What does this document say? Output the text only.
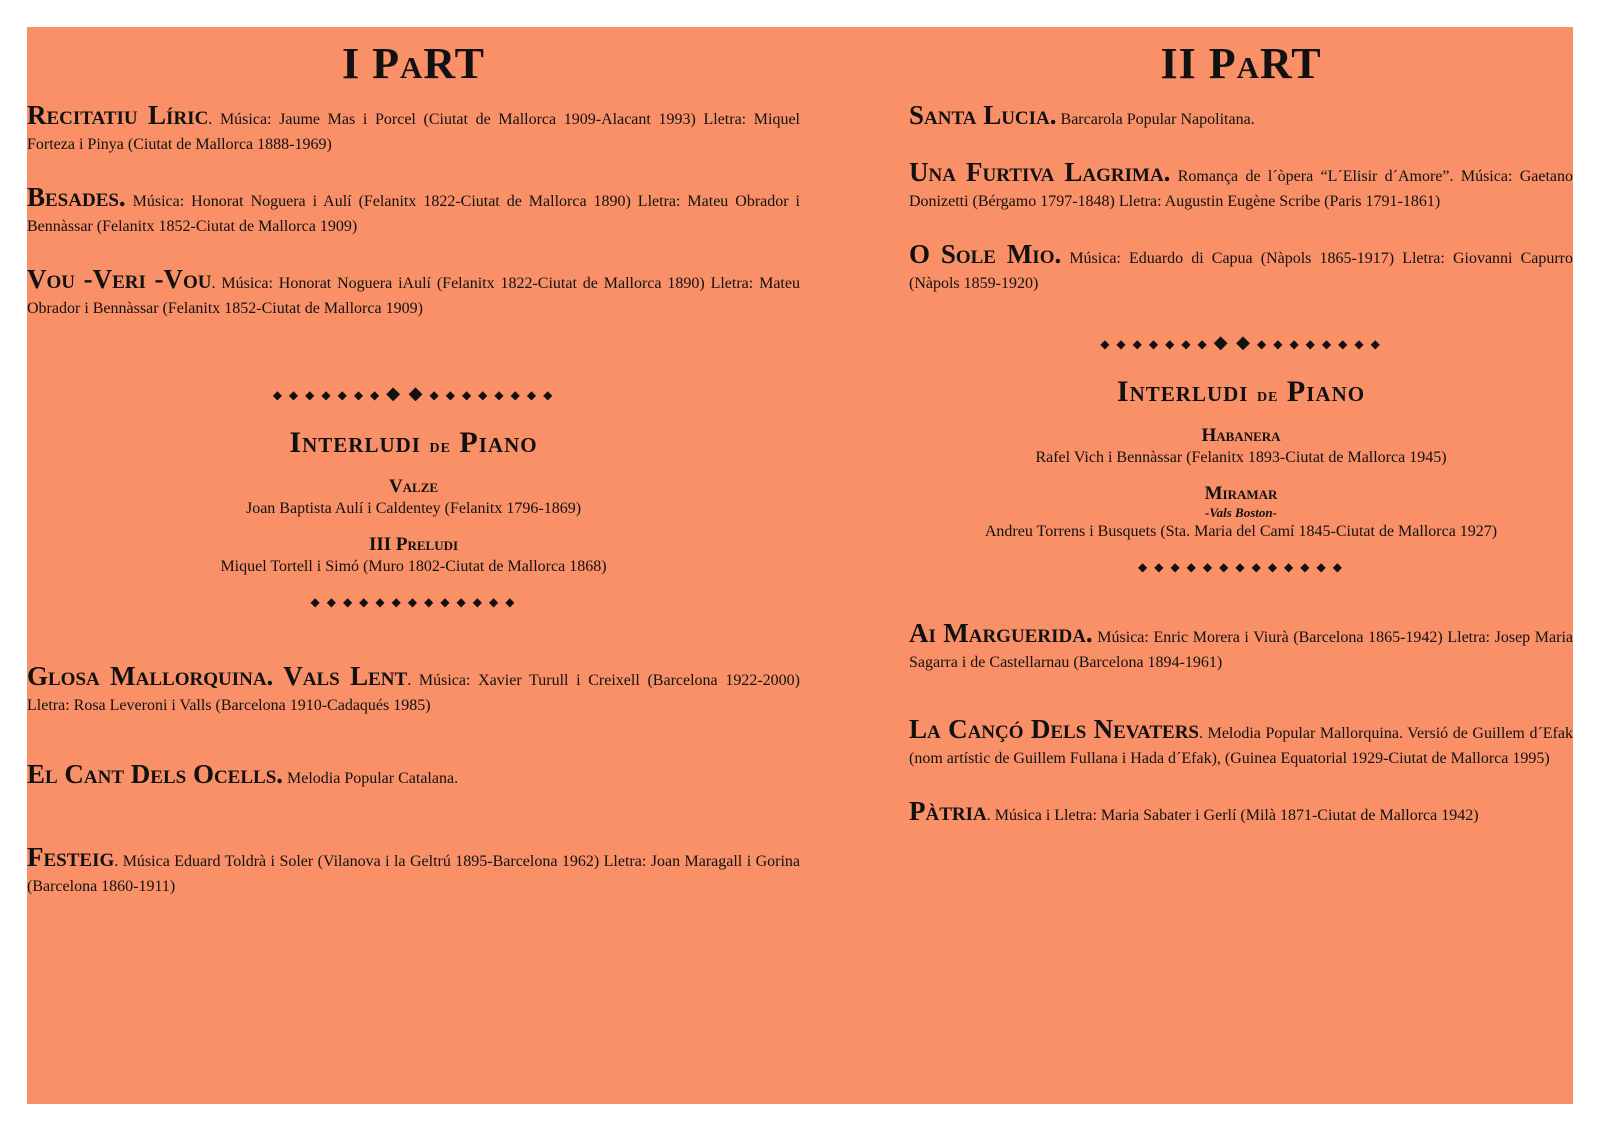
I PaRT

Recitatiu Líric. Música: Jaume Mas i Porcel (Ciutat de Mallorca 1909-Alacant 1993) Lletra: Miquel Forteza i Pinya (Ciutat de Mallorca 1888-1969)

Besades. Música: Honorat Noguera i Aulí (Felanitx 1822-Ciutat de Mallorca 1890) Lletra: Mateu Obrador i Bennàssar (Felanitx 1852-Ciutat de Mallorca 1909)

Vou -Veri -Vou. Música: Honorat Noguera iAulí (Felanitx 1822-Ciutat de Mallorca 1890) Lletra: Mateu Obrador i Bennàssar (Felanitx 1852-Ciutat de Mallorca 1909)

◆ ◆ ◆ ◆ ◆ ◆ ◆ ◆ ◆ ◆ ◆ ◆ ◆ ◆ ◆ ◆ ◆
Interludi de Piano
Valze
Joan Baptista Aulí i Caldentey (Felanitx 1796-1869)
III Preludi
Miquel Tortell i Simó (Muro 1802-Ciutat de Mallorca 1868)
◆ ◆ ◆ ◆ ◆ ◆ ◆ ◆ ◆ ◆ ◆ ◆ ◆

Glosa Mallorquina. Vals Lent. Música: Xavier Turull i Creixell (Barcelona 1922-2000) Lletra: Rosa Leveroni i Valls (Barcelona 1910-Cadaqués 1985)

El Cant Dels Ocells. Melodia Popular Catalana.

Festeig. Música Eduard Toldrà i Soler (Vilanova i la Geltrú 1895-Barcelona 1962) Lletra: Joan Maragall i Gorina (Barcelona 1860-1911)

II PaRT

Santa Lucia. Barcarola Popular Napolitana.

Una Furtiva Lagrima. Romança de l´òpera “L´Elisir d´Amore”. Música: Gaetano Donizetti (Bérgamo 1797-1848) Lletra: Augustin Eugène Scribe (Paris 1791-1861)

O Sole Mio. Música: Eduardo di Capua (Nàpols 1865-1917) Lletra: Giovanni Capurro (Nàpols 1859-1920)

◆ ◆ ◆ ◆ ◆ ◆ ◆ ◆ ◆ ◆ ◆ ◆ ◆ ◆ ◆ ◆ ◆
Interludi de Piano
Habanera
Rafel Vich i Bennàssar (Felanitx 1893-Ciutat de Mallorca 1945)
Miramar
-Vals Boston-
Andreu Torrens i Busquets (Sta. Maria del Camí 1845-Ciutat de Mallorca 1927)
◆ ◆ ◆ ◆ ◆ ◆ ◆ ◆ ◆ ◆ ◆ ◆ ◆

Ai Marguerida. Música: Enric Morera i Viurà (Barcelona 1865-1942) Lletra: Josep Maria Sagarra i de Castellarnau (Barcelona 1894-1961)

La Cançó Dels Nevaters. Melodia Popular Mallorquina. Versió de Guillem d´Efak (nom artístic de Guillem Fullana i Hada d´Efak), (Guinea Equatorial 1929-Ciutat de Mallorca 1995)

Pàtria. Música i Lletra: Maria Sabater i Gerlí (Milà 1871-Ciutat de Mallorca 1942)
